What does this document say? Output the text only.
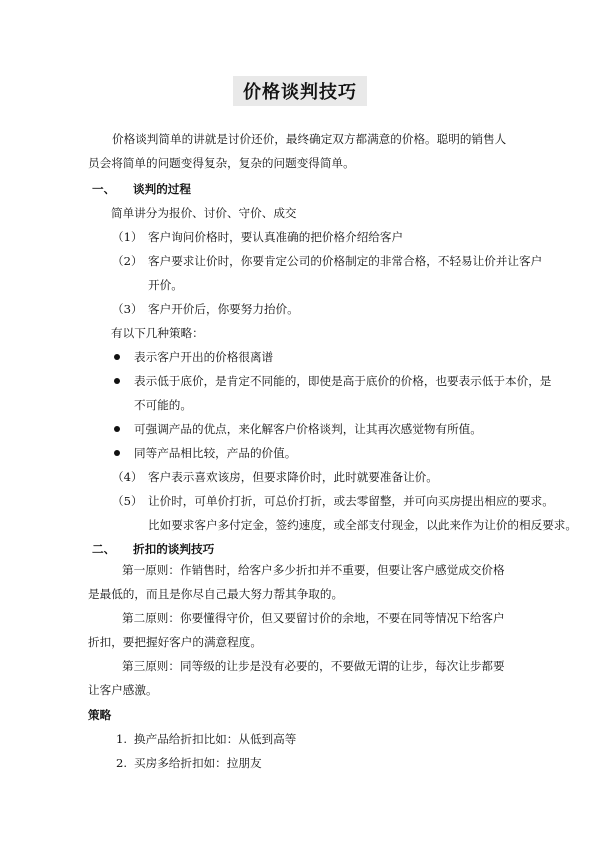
价格谈判技巧
价格谈判简单的讲就是讨价还价，最终确定双方都满意的价格。聪明的销售人员会将简单的问题变得复杂，复杂的问题变得简单。
一、 谈判的过程
简单讲分为报价、讨价、守价、成交
（1） 客户询问价格时，要认真准确的把价格介绍给客户
（2） 客户要求让价时，你要肯定公司的价格制定的非常合格，不轻易让价并让客户
开价。
（3） 客户开价后，你要努力抬价。
有以下几种策略：
表示客户开出的价格很离谱
表示低于底价，是肯定不同能的，即使是高于底价的价格，也要表示低于本价，是
不可能的。
可强调产品的优点，来化解客户价格谈判，让其再次感觉物有所值。
同等产品相比较，产品的价值。
（4） 客户表示喜欢该房，但要求降价时，此时就要准备让价。
（5） 让价时，可单价打折，可总价打折，或去零留整，并可向买房提出相应的要求。
比如要求客户多付定金，签约速度，或全部支付现金，以此来作为让价的相反要求。
二、 折扣的谈判技巧
第一原则：作销售时，给客户多少折扣并不重要，但要让客户感觉成交价格是最低的，而且是你尽自己最大努力帮其争取的。
第二原则：你要懂得守价，但又要留讨价的余地，不要在同等情况下给客户折扣，要把握好客户的满意程度。
第三原则：同等级的让步是没有必要的，不要做无谓的让步，每次让步都要让客户感激。
策略
1. 换产品给折扣比如：从低到高等
2. 买房多给折扣如：拉朋友
